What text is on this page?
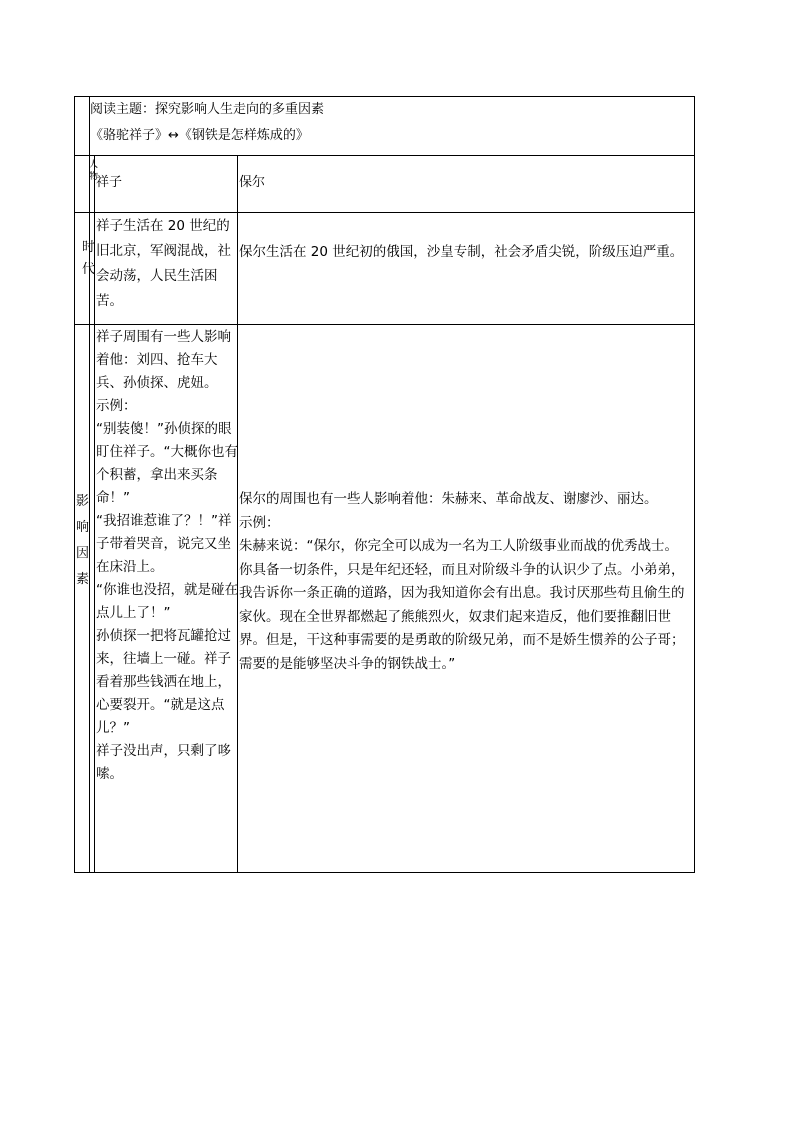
阅读主题：探究影响人生走向的多重因素
《骆驼祥子》↔《钢铁是怎样炼成的》
人物
时代
影响因素
祥子	保尔
祥子生活在 20 世纪的旧北京，军阀混战，社会动荡，人民生活困苦。
保尔生活在 20 世纪初的俄国，沙皇专制，社会矛盾尖锐，阶级压迫严重。

祥子周围有一些人影响着他：刘四、抢车大兵、孙侦探、虎妞。

示例：

“别装傻！”孙侦探的眼盯住祥子。“大概你也有个积蓄，拿出来买条命！”

“我招谁惹谁了？！”祥子带着哭音，说完又坐在床沿上。

“你谁也没招，就是碰在点儿上了！”

孙侦探一把将瓦罐抢过来，往墙上一碰。祥子看着那些钱洒在地上，心要裂开。“就是这点儿？”

祥子没出声，只剩了哆嗦。

保尔的周围也有一些人影响着他：朱赫来、革命战友、谢廖沙、丽达。

示例：

朱赫来说：“保尔，你完全可以成为一名为工人阶级事业而战的优秀战士。你具备一切条件，只是年纪还轻，而且对阶级斗争的认识少了点。小弟弟，我告诉你一条正确的道路，因为我知道你会有出息。我讨厌那些苟且偷生的家伙。现在全世界都燃起了熊熊烈火，奴隶们起来造反，他们要推翻旧世界。但是，干这种事需要的是勇敢的阶级兄弟，而不是娇生惯养的公子哥；需要的是能够坚决斗争的钢铁战士。”
